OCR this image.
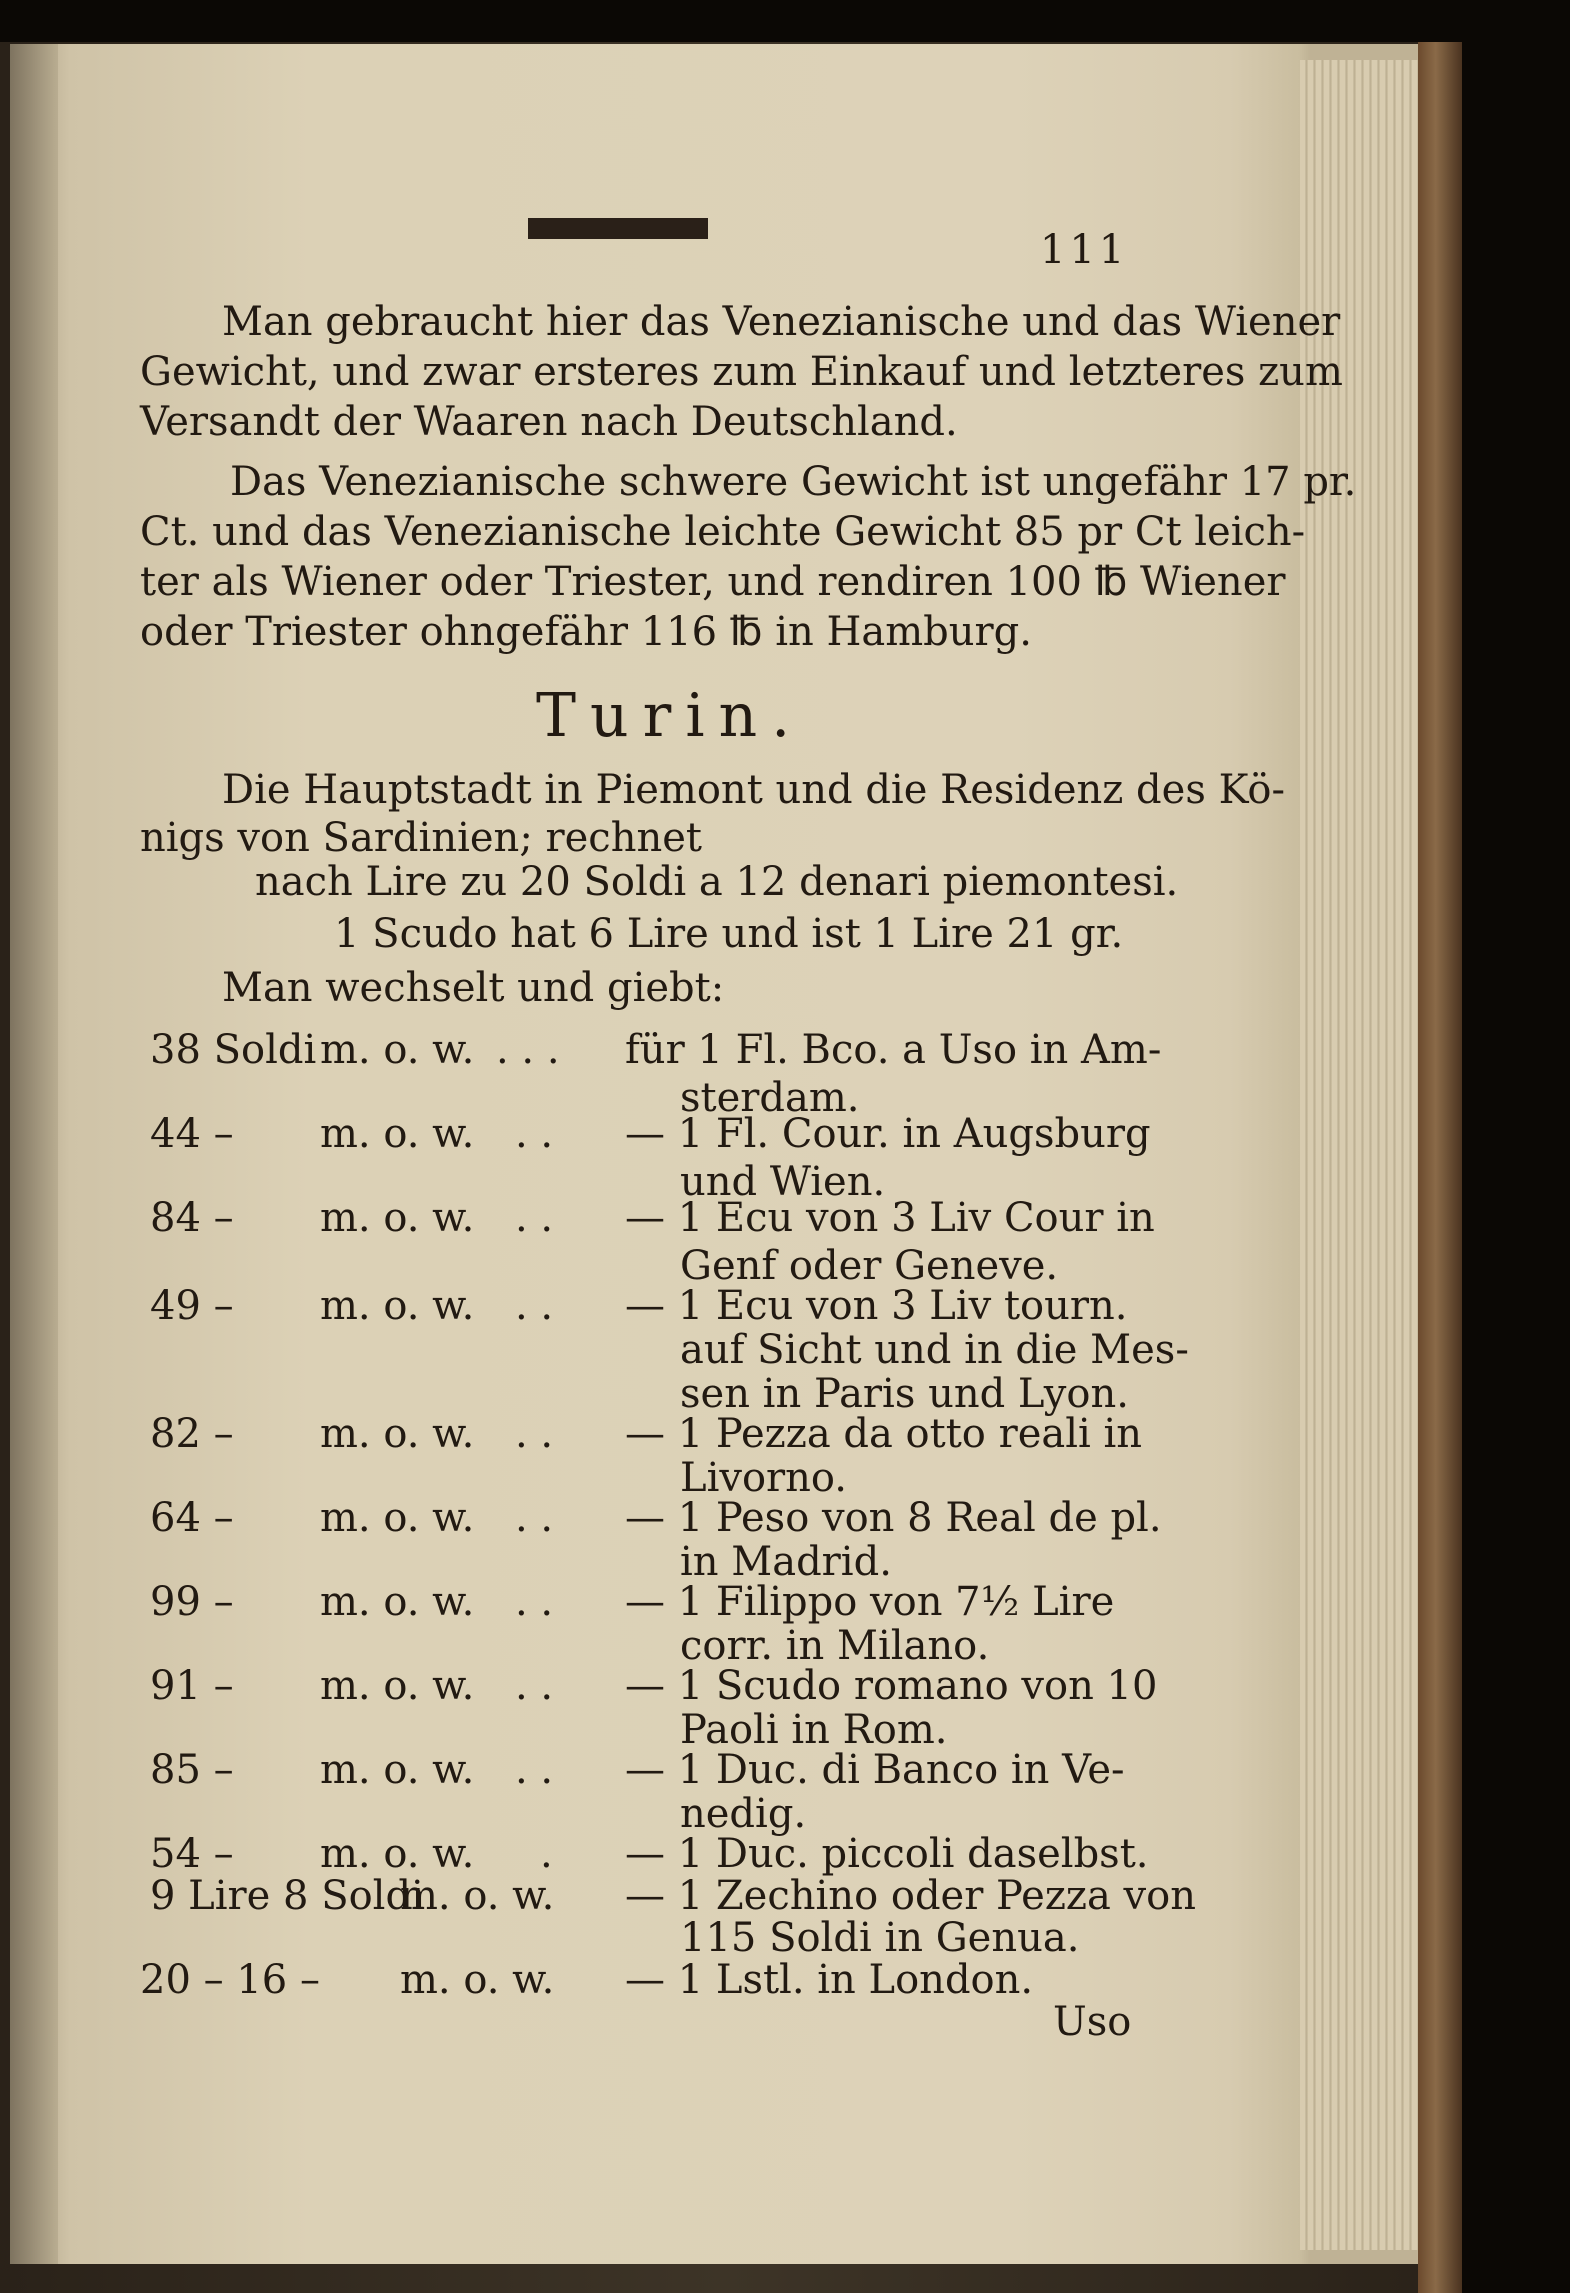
111
Man gebraucht hier das Venezianische und das Wiener
Gewicht, und zwar ersteres zum Einkauf und letzteres zum
Versandt der Waaren nach Deutschland.
Das Venezianische schwere Gewicht ist ungefähr 17 pr.
Ct. und das Venezianische leichte Gewicht 85 pr Ct leich-
ter als Wiener oder Triester, und rendiren 100 ℔ Wiener
oder Triester ohngefähr 116 ℔ in Hamburg.
Turin.
Die Hauptstadt in Piemont und die Residenz des Kö-
nigs von Sardinien; rechnet
nach Lire zu 20 Soldi a 12 denari piemontesi.
1 Scudo hat 6 Lire und ist 1 Lire 21 gr.
Man wechselt und giebt:
38 Soldi m. o. w. . . . für 1 Fl. Bco. a Uso in Am-
sterdam.
44 – m. o. w. . . — 1 Fl. Cour. in Augsburg
und Wien.
84 – m. o. w. . . — 1 Ecu von 3 Liv Cour in
Genf oder Geneve.
49 – m. o. w. . . — 1 Ecu von 3 Liv tourn.
auf Sicht und in die Mes-
sen in Paris und Lyon.
82 – m. o. w. . . — 1 Pezza da otto reali in
Livorno.
64 – m. o. w. . . — 1 Peso von 8 Real de pl.
in Madrid.
99 – m. o. w. . . — 1 Filippo von 7½ Lire
corr. in Milano.
91 – m. o. w. . . — 1 Scudo romano von 10
Paoli in Rom.
85 – m. o. w. . . — 1 Duc. di Banco in Ve-
nedig.
54 – m. o. w. . — 1 Duc. piccoli daselbst.
9 Lire 8 Soldi
m. o. w. — 1 Zechino oder Pezza von
115 Soldi in Genua.
20 – 16 – m. o. w. — 1 Lstl. in London.
Uso
